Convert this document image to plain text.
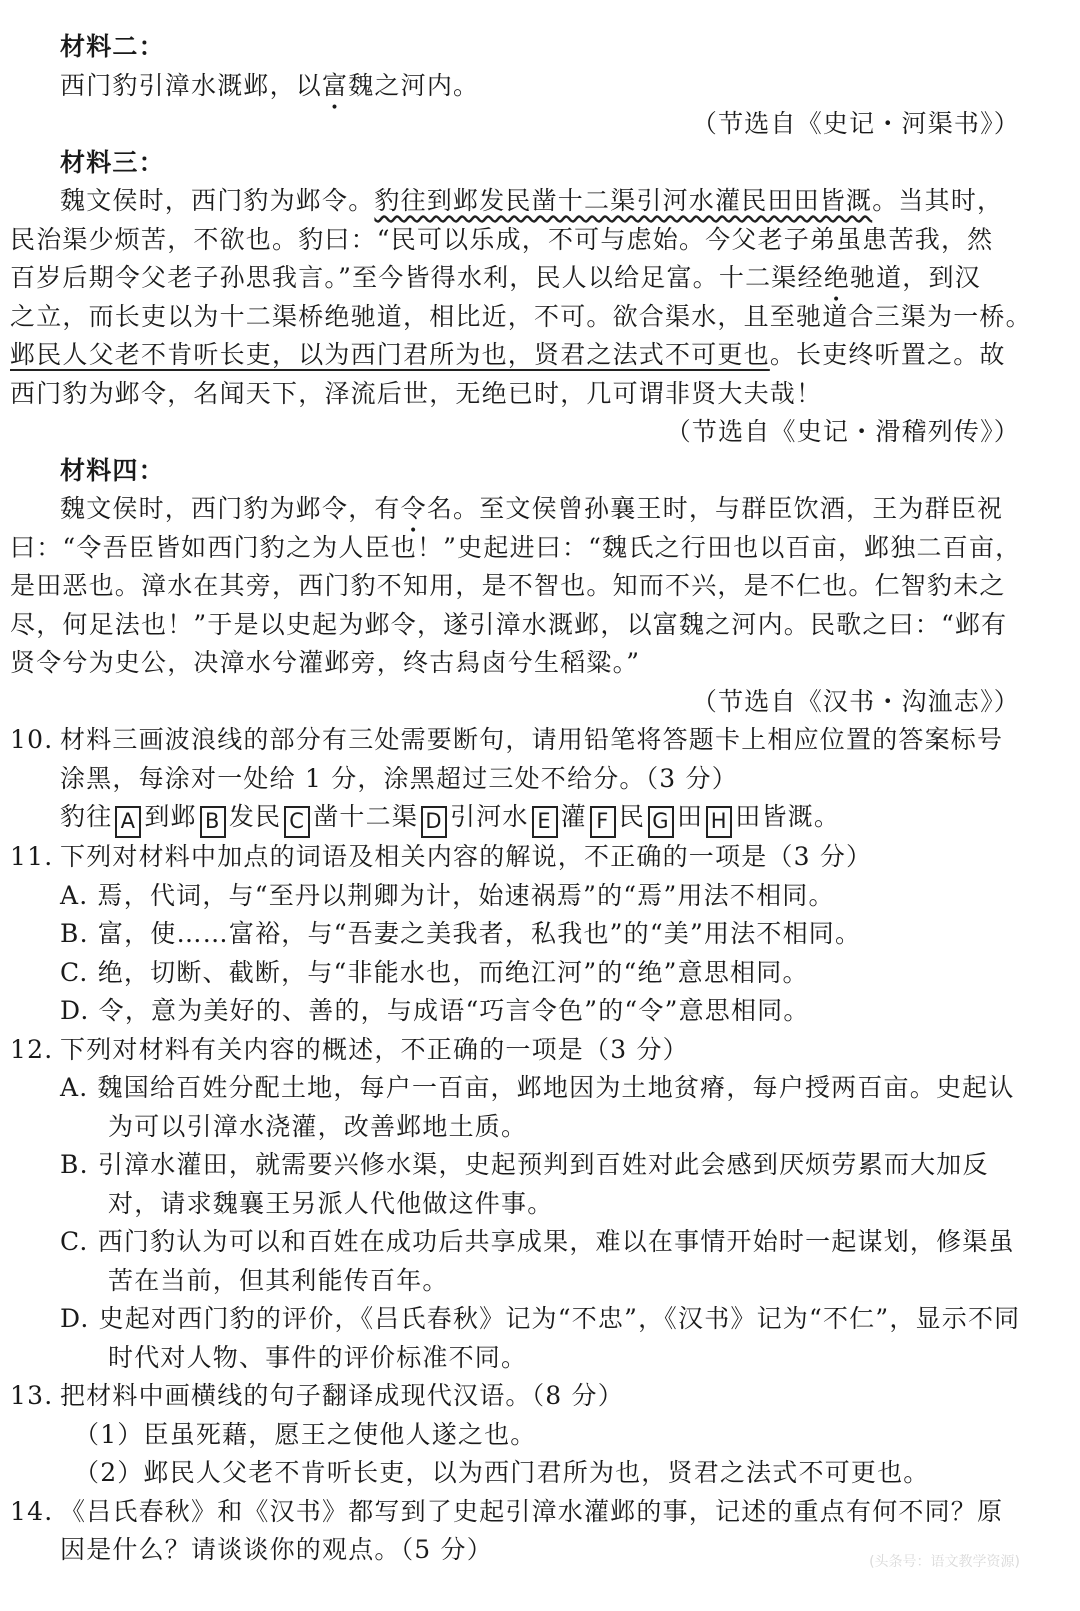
材料二：
西门豹引漳水溉邺，以富魏之河内。
（节选自《史记・河渠书》）
材料三：
魏文侯时，西门豹为邺令。豹往到邺发民凿十二渠引河水灌民田田皆溉。当其时，
民治渠少烦苦，不欲也。豹曰：“民可以乐成，不可与虑始。今父老子弟虽患苦我，然
百岁后期令父老子孙思我言。”至今皆得水利，民人以给足富。十二渠经绝驰道，到汉
之立，而长吏以为十二渠桥绝驰道，相比近，不可。欲合渠水，且至驰道合三渠为一桥。
邺民人父老不肯听长吏，以为西门君所为也，贤君之法式不可更也。长吏终听置之。故
西门豹为邺令，名闻天下，泽流后世，无绝已时，几可谓非贤大夫哉！
（节选自《史记・滑稽列传》）
材料四：
魏文侯时，西门豹为邺令，有令名。至文侯曾孙襄王时，与群臣饮酒，王为群臣祝
曰：“令吾臣皆如西门豹之为人臣也！”史起进曰：“魏氏之行田也以百亩，邺独二百亩，
是田恶也。漳水在其旁，西门豹不知用，是不智也。知而不兴，是不仁也。仁智豹未之
尽，何足法也！”于是以史起为邺令，遂引漳水溉邺，以富魏之河内。民歌之曰：“邺有
贤令兮为史公，决漳水兮灌邺旁，终古舄卤兮生稻粱。”
（节选自《汉书・沟洫志》）
10. 材料三画波浪线的部分有三处需要断句，请用铅笔将答题卡上相应位置的答案标号涂黑，每涂对一处给 1 分，涂黑超过三处不给分。（3 分）
豹往 A 到邺 B 发民 C 凿十二渠 D 引河水 E 灌 F 民 G 田 H 田皆溉。
11. 下列对材料中加点的词语及相关内容的解说，不正确的一项是（3 分）
A. 焉，代词，与“至丹以荆卿为计，始速祸焉”的“焉”用法不相同。
B. 富，使……富裕，与“吾妻之美我者，私我也”的“美”用法不相同。
C. 绝，切断、截断，与“非能水也，而绝江河”的“绝”意思相同。
D. 令，意为美好的、善的，与成语“巧言令色”的“令”意思相同。
12. 下列对材料有关内容的概述，不正确的一项是（3 分）
A. 魏国给百姓分配土地，每户一百亩，邺地因为土地贫瘠，每户授两百亩。史起认为可以引漳水浇灌，改善邺地土质。
B. 引漳水灌田，就需要兴修水渠，史起预判到百姓对此会感到厌烦劳累而大加反对，请求魏襄王另派人代他做这件事。
C. 西门豹认为可以和百姓在成功后共享成果，难以在事情开始时一起谋划，修渠虽苦在当前，但其利能传百年。
D. 史起对西门豹的评价，《吕氏春秋》记为“不忠”，《汉书》记为“不仁”，显示不同时代对人物、事件的评价标准不同。
13. 把材料中画横线的句子翻译成现代汉语。（8 分）
（1）臣虽死藉，愿王之使他人遂之也。
（2）邺民人父老不肯听长吏，以为西门君所为也，贤君之法式不可更也。
14. 《吕氏春秋》和《汉书》都写到了史起引漳水灌邺的事，记述的重点有何不同？原因是什么？请谈谈你的观点。（5 分）	(头条号：语文教学资源)
